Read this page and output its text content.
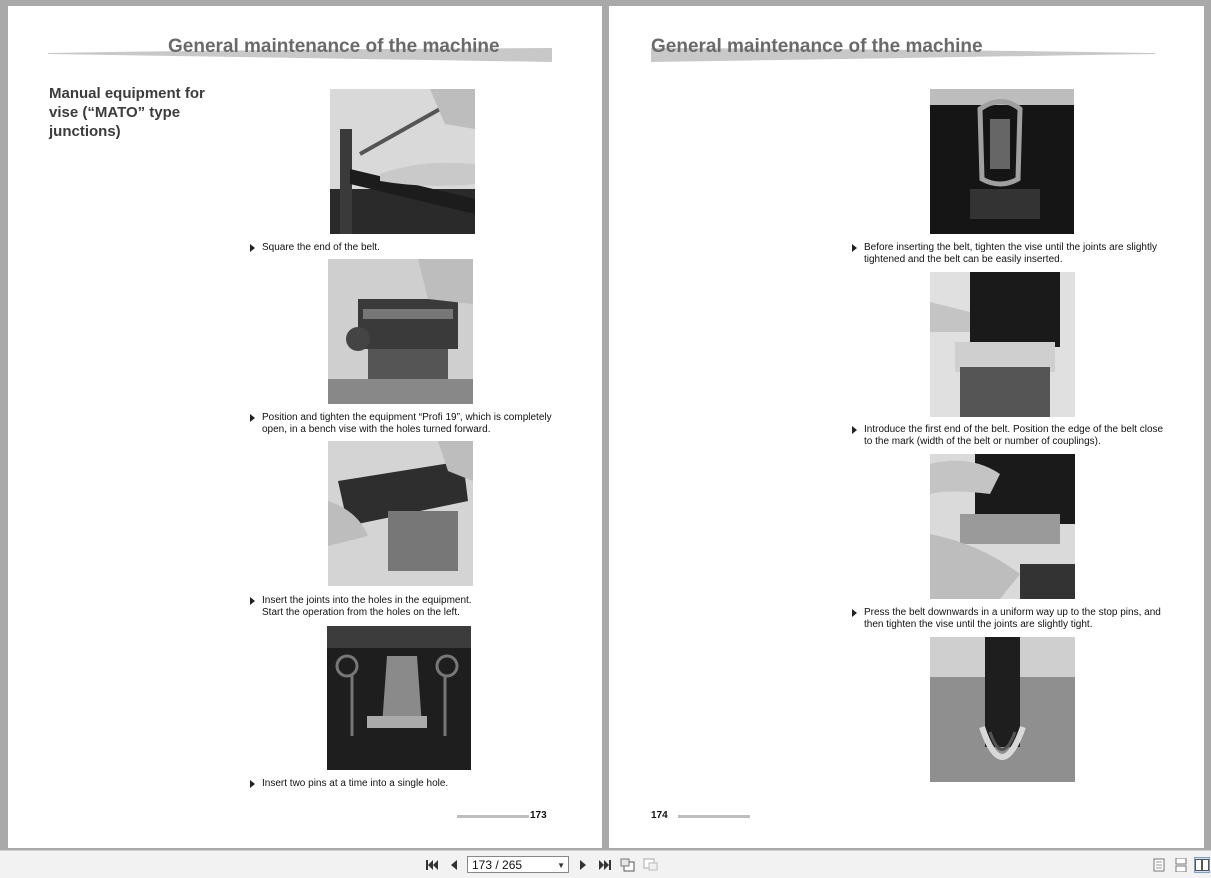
General maintenance of the machine
Manual equipment for vise (“MATO” type junctions)
Square the end of the belt.
Position and tighten the equipment “Profi 19”, which is completely
open, in a bench vise with the holes turned forward.
Insert the joints into the holes in the equipment.
Start the operation from the holes on the left.
Insert two pins at a time into a single hole.
173
General maintenance of the machine
Before inserting the belt, tighten the vise until the joints are slightly
tightened and the belt can be easily inserted.
Introduce the first end of the belt. Position the edge of the belt close
to the mark (width of the belt or number of couplings).
Press the belt downwards in a uniform way up to the stop pins, and
then tighten the vise until the joints are slightly tight.
174
173 / 265	▼
